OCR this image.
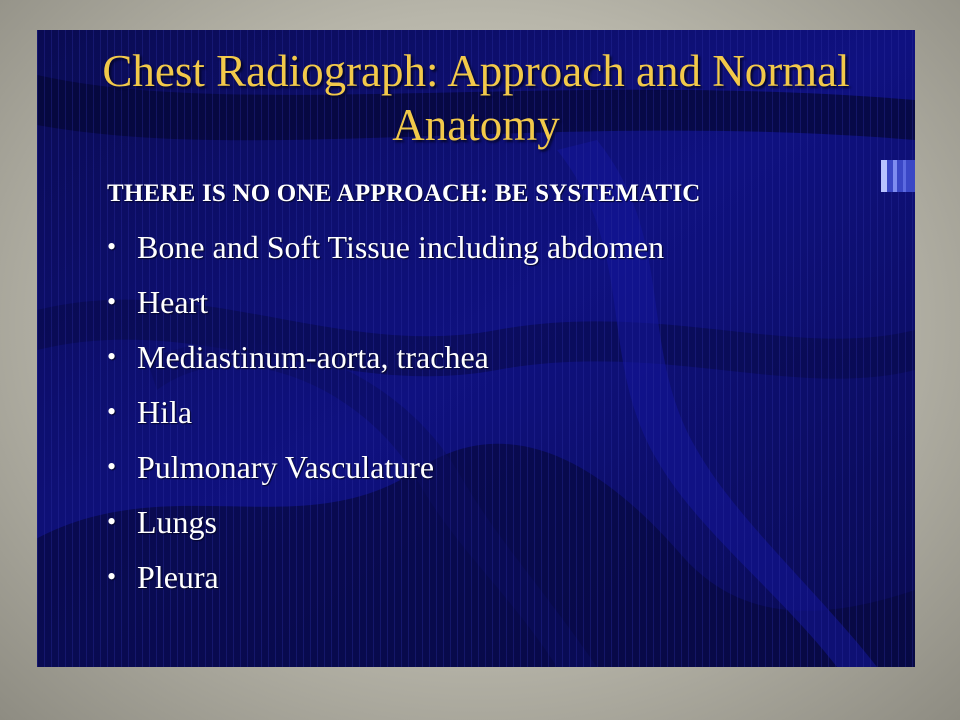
Chest Radiograph: Approach and Normal Anatomy
THERE IS NO ONE APPROACH: BE SYSTEMATIC
• Bone and Soft Tissue including abdomen
• Heart
• Mediastinum-aorta, trachea
• Hila
• Pulmonary Vasculature
• Lungs
• Pleura
